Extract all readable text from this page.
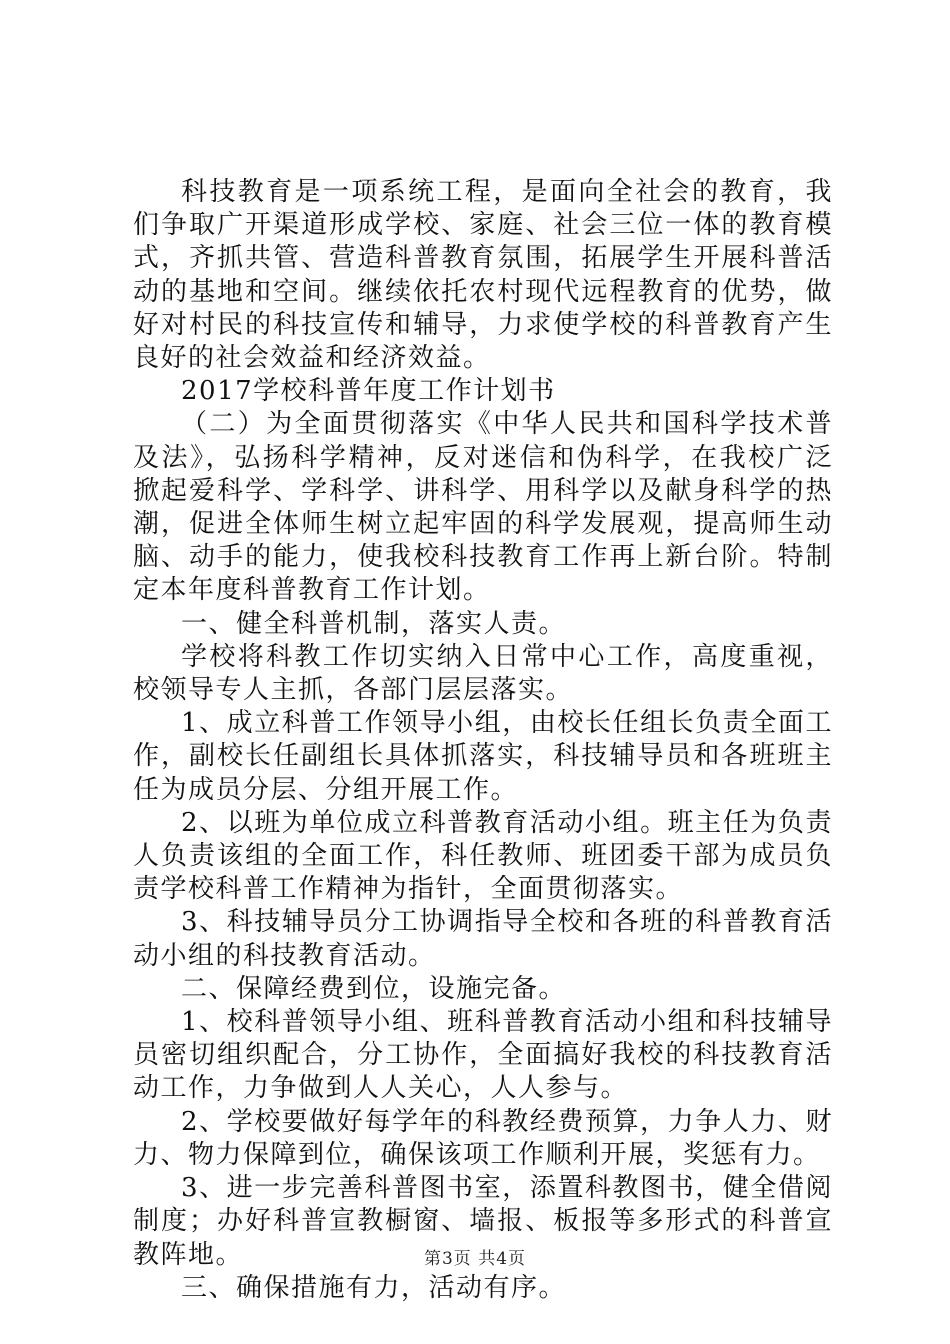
科技教育是一项系统工程，是面向全社会的教育，我们争取广开渠道形成学校、家庭、社会三位一体的教育模式，齐抓共管、营造科普教育氛围，拓展学生开展科普活动的基地和空间。继续依托农村现代远程教育的优势，做好对村民的科技宣传和辅导，力求使学校的科普教育产生良好的社会效益和经济效益。

2017学校科普年度工作计划书

（二）为全面贯彻落实《中华人民共和国科学技术普及法》，弘扬科学精神，反对迷信和伪科学，在我校广泛掀起爱科学、学科学、讲科学、用科学以及献身科学的热潮，促进全体师生树立起牢固的科学发展观，提高师生动脑、动手的能力，使我校科技教育工作再上新台阶。特制定本年度科普教育工作计划。

一、健全科普机制，落实人责。

学校将科教工作切实纳入日常中心工作，高度重视，校领导专人主抓，各部门层层落实。

1、成立科普工作领导小组，由校长任组长负责全面工作，副校长任副组长具体抓落实，科技辅导员和各班班主任为成员分层、分组开展工作。

2、以班为单位成立科普教育活动小组。班主任为负责人负责该组的全面工作，科任教师、班团委干部为成员负责学校科普工作精神为指针，全面贯彻落实。

3、科技辅导员分工协调指导全校和各班的科普教育活动小组的科技教育活动。

二、保障经费到位，设施完备。

1、校科普领导小组、班科普教育活动小组和科技辅导员密切组织配合，分工协作，全面搞好我校的科技教育活动工作，力争做到人人关心，人人参与。

2、学校要做好每学年的科教经费预算，力争人力、财力、物力保障到位，确保该项工作顺利开展，奖惩有力。

3、进一步完善科普图书室，添置科教图书，健全借阅制度；办好科普宣教橱窗、墙报、板报等多形式的科普宣教阵地。

三、确保措施有力，活动有序。

第3页 共4页
